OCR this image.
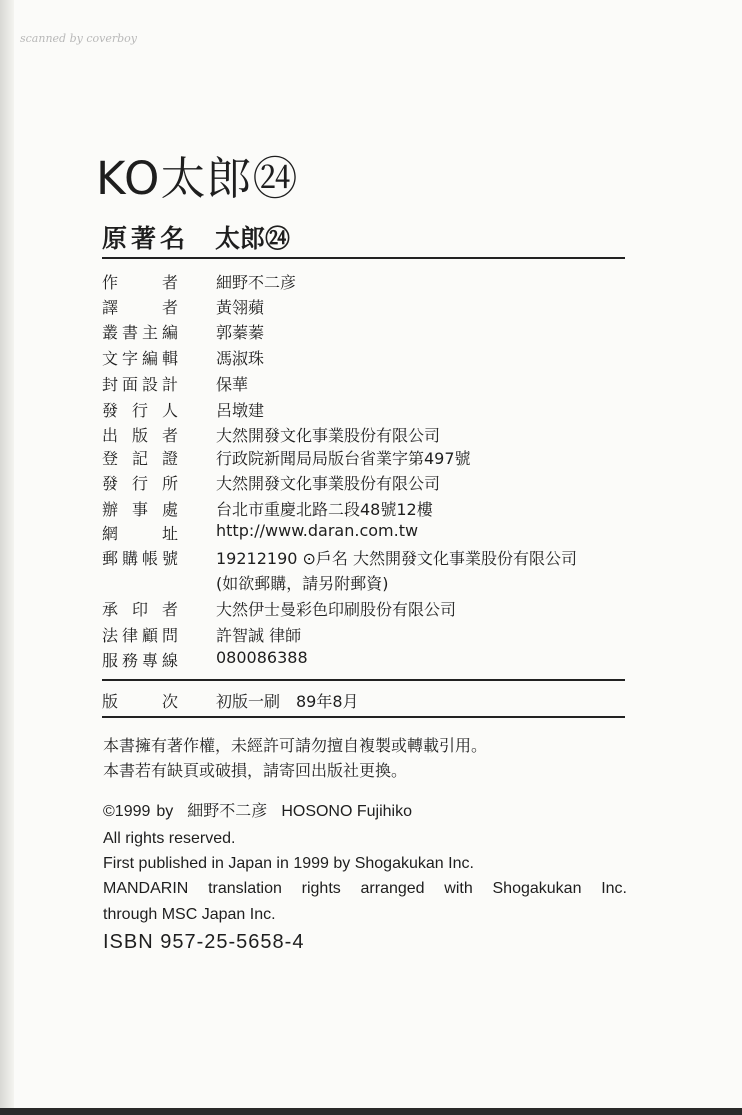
scanned by coverboy
KO太郎㉔
原著名 太郎㉔
作者 細野不二彦
譯者 黃翎蘋
叢書主編 郭蓁蓁
文字編輯 馮淑珠
封面設計 保華
發行人 呂墩建
出版者 大然開發文化事業股份有限公司
登記證 行政院新聞局局版台省業字第497號
發行所 大然開發文化事業股份有限公司
辦事處 台北市重慶北路二段48號12樓
網址 http://www.daran.com.tw
郵購帳號 19212190 ⊙戶名 大然開發文化事業股份有限公司
(如欲郵購，請另附郵資)
承印者 大然伊士曼彩色印刷股份有限公司
法律顧問 許智誠 律師
服務專線 080086388
版次 初版一刷　89年8月

本書擁有著作權，未經許可請勿擅自複製或轉載引用。

本書若有缺頁或破損，請寄回出版社更換。

©1999 by 細野不二彦 HOSONO Fujihiko

All rights reserved.

First published in Japan in 1999 by Shogakukan Inc.

MANDARIN translation rights arranged with Shogakukan Inc.

through MSC Japan Inc.

ISBN 957-25-5658-4
